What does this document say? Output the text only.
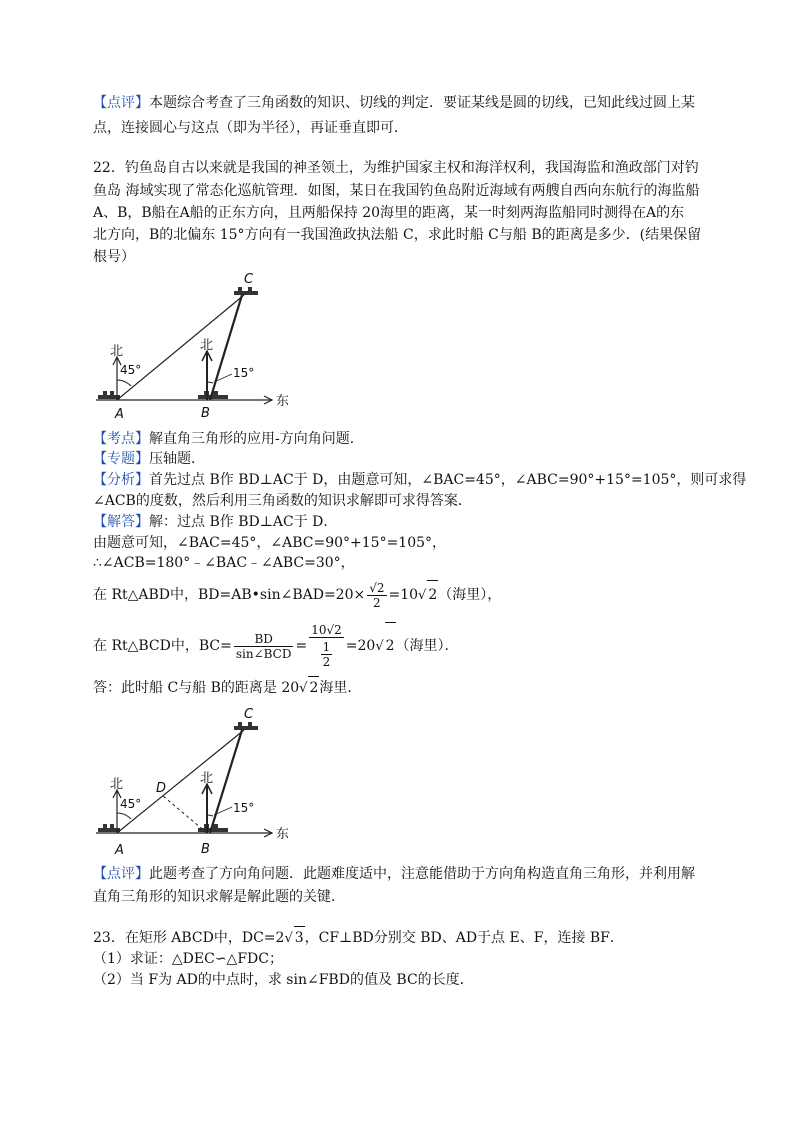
【点评】本题综合考查了三角函数的知识、切线的判定．要证某线是圆的切线，已知此线过圆上某
点，连接圆心与这点（即为半径），再证垂直即可．
22．钓鱼岛自古以来就是我国的神圣领土，为维护国家主权和海洋权利，我国海监和渔政部门对钓
鱼岛 海域实现了常态化巡航管理．如图，某日在我国钓鱼岛附近海域有两艘自西向东航行的海监船
A、B，B船在A船的正东方向，且两船保持 20海里的距离，某一时刻两海监船同时测得在A的东
北方向，B的北偏东 15°方向有一我国渔政执法船 C，求此时船 C与船 B的距离是多少．(结果保留
根号）
东
北	北
45°	15°
C
A	B
【考点】解直角三角形的应用-方向角问题．
【专题】压轴题．
【分析】首先过点 B作 BD⊥AC于 D，由题意可知，∠BAC=45°，∠ABC=90°+15°=105°，则可求得
∠ACB的度数，然后利用三角函数的知识求解即可求得答案．
【解答】解：过点 B作 BD⊥AC于 D．
由题意可知，∠BAC=45°，∠ABC=90°+15°=105°，
∴∠ACB=180°﹣∠BAC﹣∠ABC=30°，
在 Rt△ABD中，BD=AB•sin∠BAD=20× $\frac{√2}{2} =10√$ 2（海里），
在 Rt△BCD中，$BC= \frac{BD}{\text{sin∠BCD}} = \frac{10√2}{\frac{1}{2}} =20√$ 2（海里）．
答：此时船 C与船 B的距离是 20√ 2海里．
东
北	北
45°	15°
C
D
A	B
【点评】此题考查了方向角问题．此题难度适中，注意能借助于方向角构造直角三角形，并利用解
直角三角形的知识求解是解此题的关键．
23．在矩形 ABCD中，DC=2√ 3，CF⊥BD分别交 BD、AD于点 E、F，连接 BF．
（1）求证：△DEC∽△FDC；
（2）当 F为 AD的中点时，求 sin∠FBD的值及 BC的长度．
